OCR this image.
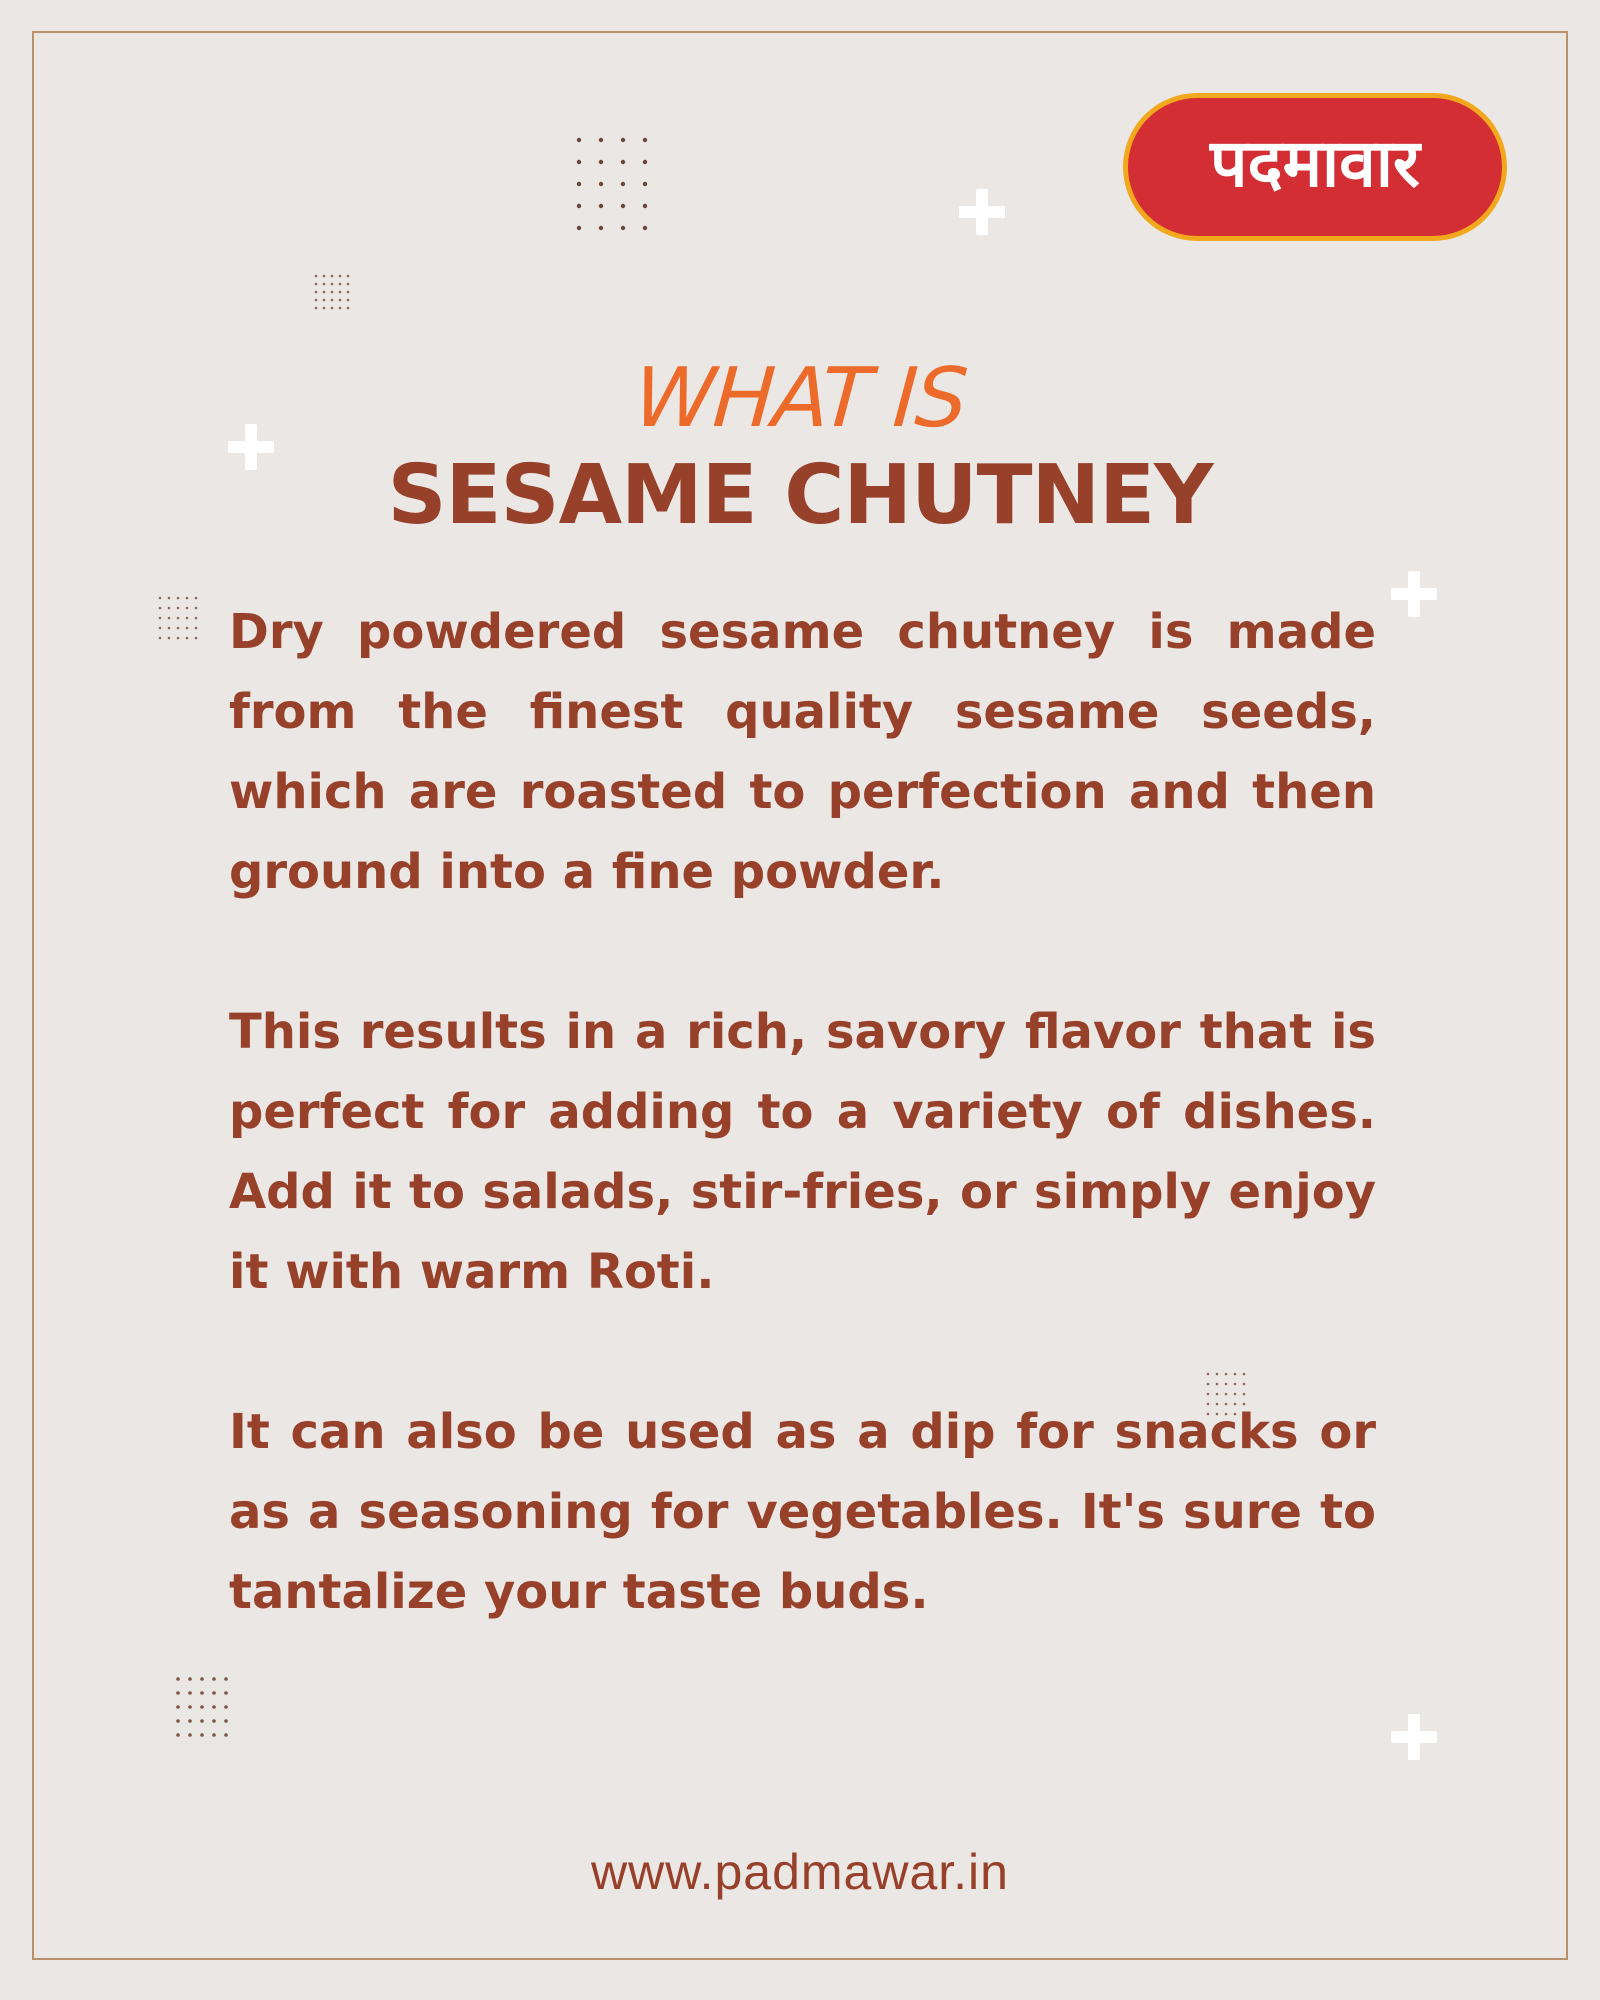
पदमावार
WHAT IS
SESAME CHUTNEY

Dry powdered sesame chutney is made from the finest quality sesame seeds, which are roasted to perfection and then ground into a fine powder.

This results in a rich, savory flavor that is perfect for adding to a variety of dishes. Add it to salads, stir-fries, or simply enjoy it with warm Roti.

It can also be used as a dip for snacks or as a seasoning for vegetables. It's sure to tantalize your taste buds.

www.padmawar.in
